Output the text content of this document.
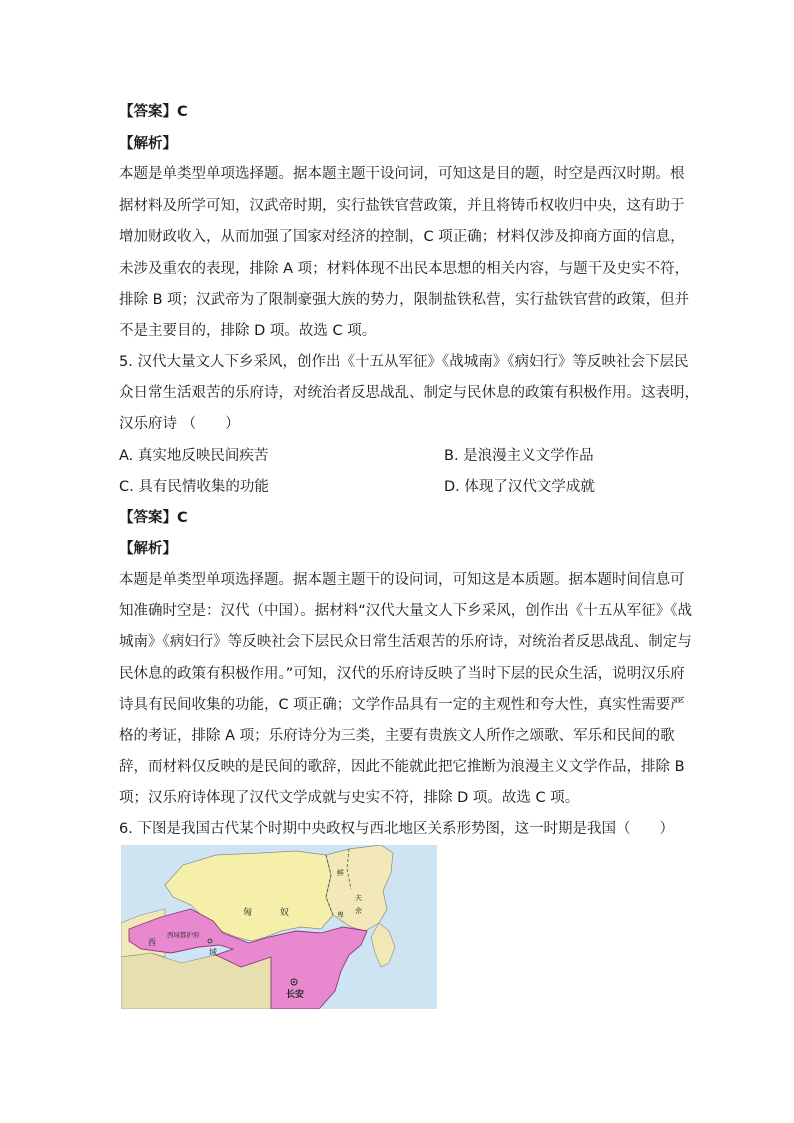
【答案】C
【解析】
本题是单类型单项选择题。据本题主题干设问词，可知这是目的题，时空是西汉时期。根
据材料及所学可知，汉武帝时期，实行盐铁官营政策，并且将铸币权收归中央，这有助于
增加财政收入，从而加强了国家对经济的控制，C 项正确；材料仅涉及抑商方面的信息，
未涉及重农的表现，排除 A 项；材料体现不出民本思想的相关内容，与题干及史实不符，
排除 B 项；汉武帝为了限制豪强大族的势力，限制盐铁私营，实行盐铁官营的政策，但并
不是主要目的，排除 D 项。故选 C 项。
5. 汉代大量文人下乡采风，创作出《十五从军征》《战城南》《病妇行》等反映社会下层民
众日常生活艰苦的乐府诗，对统治者反思战乱、制定与民休息的政策有积极作用。这表明，
汉乐府诗 （　　）
A. 真实地反映民间疾苦	B. 是浪漫主义文学作品
C. 具有民情收集的功能	D. 体现了汉代文学成就
【答案】C
【解析】
本题是单类型单项选择题。据本题主题干的设问词，可知这是本质题。据本题时间信息可
知准确时空是：汉代（中国）。据材料“汉代大量文人下乡采风，创作出《十五从军征》《战
城南》《病妇行》等反映社会下层民众日常生活艰苦的乐府诗，对统治者反思战乱、制定与
民休息的政策有积极作用。”可知，汉代的乐府诗反映了当时下层的民众生活，说明汉乐府
诗具有民间收集的功能，C 项正确；文学作品具有一定的主观性和夸大性，真实性需要严
格的考证，排除 A 项；乐府诗分为三类，主要有贵族文人所作之颂歌、军乐和民间的歌
辞，而材料仅反映的是民间的歌辞，因此不能就此把它推断为浪漫主义文学作品，排除 B
项；汉乐府诗体现了汉代文学成就与史实不符，排除 D 项。故选 C 项。
6. 下图是我国古代某个时期中央政权与西北地区关系形势图，这一时期是我国（　　）
匈	奴
鲜
卑
夫
余
西
域
西域都护府
长安
